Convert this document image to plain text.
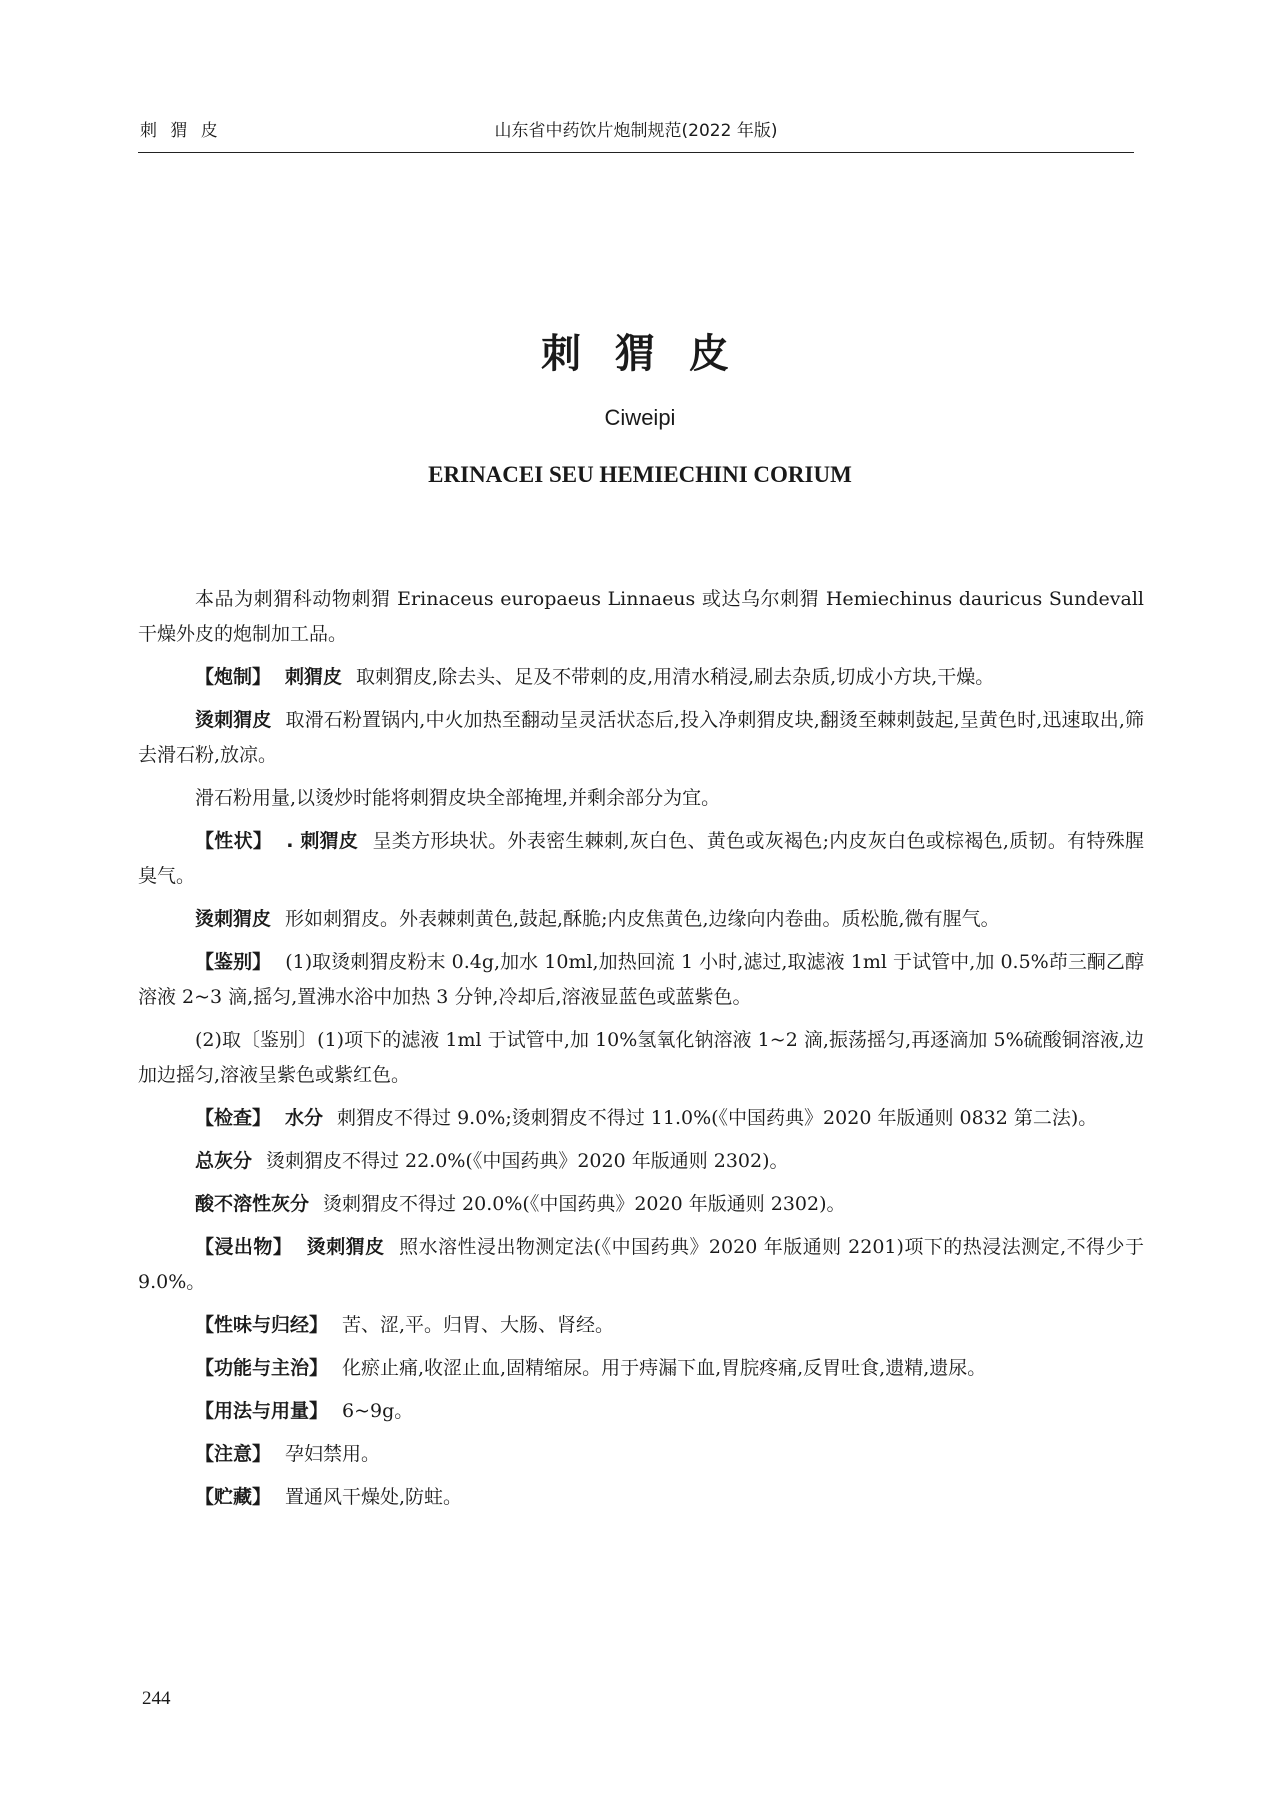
刺 猬 皮	山东省中药饮片炮制规范(2022 年版)
刺 猬 皮
Ciweipi
ERINACEI SEU HEMIECHINI CORIUM

本品为刺猬科动物刺猬 Erinaceus europaeus Linnaeus 或达乌尔刺猬 Hemiechinus dauricus Sundevall 干燥外皮的炮制加工品。

【炮制】 刺猬皮 取刺猬皮,除去头、足及不带刺的皮,用清水稍浸,刷去杂质,切成小方块,干燥。

烫刺猬皮 取滑石粉置锅内,中火加热至翻动呈灵活状态后,投入净刺猬皮块,翻烫至棘刺鼓起,呈黄色时,迅速取出,筛去滑石粉,放凉。

滑石粉用量,以烫炒时能将刺猬皮块全部掩埋,并剩余部分为宜。

【性状】 . 刺猬皮 呈类方形块状。外表密生棘刺,灰白色、黄色或灰褐色;内皮灰白色或棕褐色,质韧。有特殊腥臭气。

烫刺猬皮 形如刺猬皮。外表棘刺黄色,鼓起,酥脆;内皮焦黄色,边缘向内卷曲。质松脆,微有腥气。

【鉴别】 (1)取烫刺猬皮粉末 0.4g,加水 10ml,加热回流 1 小时,滤过,取滤液 1ml 于试管中,加 0.5%茚三酮乙醇溶液 2~3 滴,摇匀,置沸水浴中加热 3 分钟,冷却后,溶液显蓝色或蓝紫色。

(2)取〔鉴别〕(1)项下的滤液 1ml 于试管中,加 10%氢氧化钠溶液 1~2 滴,振荡摇匀,再逐滴加 5%硫酸铜溶液,边加边摇匀,溶液呈紫色或紫红色。

【检查】 水分 刺猬皮不得过 9.0%;烫刺猬皮不得过 11.0%(《中国药典》2020 年版通则 0832 第二法)。

总灰分 烫刺猬皮不得过 22.0%(《中国药典》2020 年版通则 2302)。

酸不溶性灰分 烫刺猬皮不得过 20.0%(《中国药典》2020 年版通则 2302)。

【浸出物】 烫刺猬皮 照水溶性浸出物测定法(《中国药典》2020 年版通则 2201)项下的热浸法测定,不得少于 9.0%。

【性味与归经】 苦、涩,平。归胃、大肠、肾经。

【功能与主治】 化瘀止痛,收涩止血,固精缩尿。用于痔漏下血,胃脘疼痛,反胃吐食,遗精,遗尿。

【用法与用量】 6~9g。

【注意】 孕妇禁用。

【贮藏】 置通风干燥处,防蛀。

244
